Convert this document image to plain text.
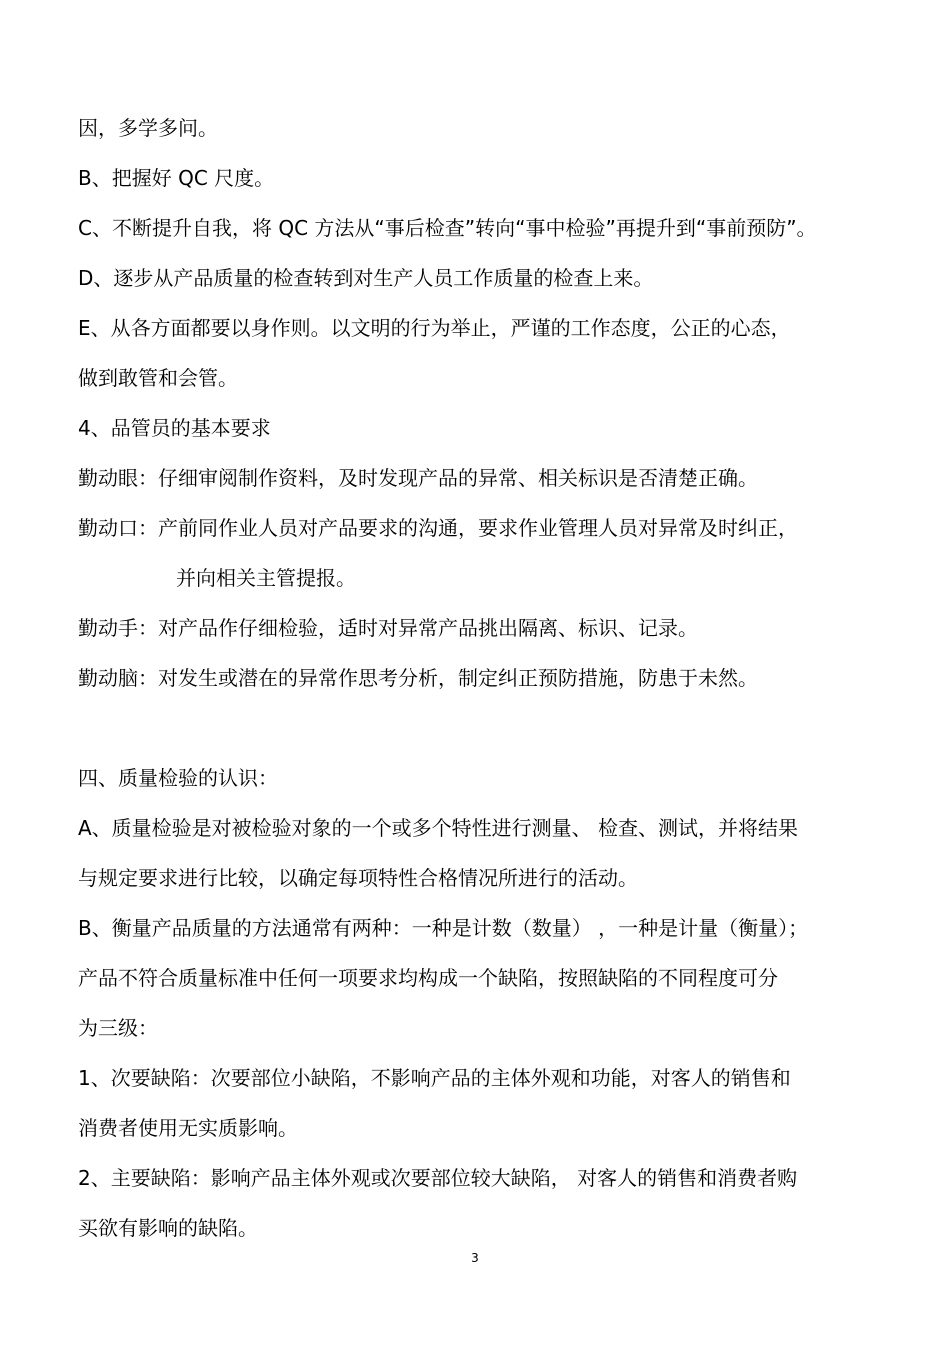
因，多学多问。
B、把握好 QC 尺度。
C、不断提升自我，将 QC 方法从“事后检查”转向“事中检验”再提升到“事前预防”。
D、逐步从产品质量的检查转到对生产人员工作质量的检查上来。
E、从各方面都要以身作则。以文明的行为举止，严谨的工作态度，公正的心态，
做到敢管和会管。
4、品管员的基本要求
勤动眼：仔细审阅制作资料，及时发现产品的异常、相关标识是否清楚正确。
勤动口：产前同作业人员对产品要求的沟通，要求作业管理人员对异常及时纠正，
并向相关主管提报。
勤动手：对产品作仔细检验，适时对异常产品挑出隔离、标识、记录。
勤动脑：对发生或潜在的异常作思考分析，制定纠正预防措施，防患于未然。
四、质量检验的认识：
A、质量检验是对被检验对象的一个或多个特性进行测量、 检查、测试，并将结果
与规定要求进行比较，以确定每项特性合格情况所进行的活动。
B、衡量产品质量的方法通常有两种：一种是计数（数量） ，一种是计量（衡量）；
产品不符合质量标准中任何一项要求均构成一个缺陷，按照缺陷的不同程度可分
为三级：
1、次要缺陷：次要部位小缺陷，不影响产品的主体外观和功能，对客人的销售和
消费者使用无实质影响。
2、主要缺陷：影响产品主体外观或次要部位较大缺陷， 对客人的销售和消费者购
买欲有影响的缺陷。
3
